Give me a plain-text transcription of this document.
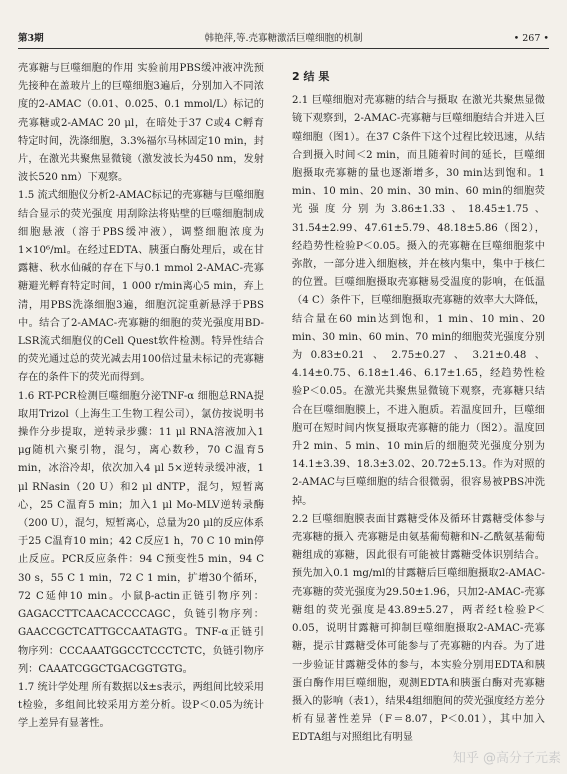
第3期	韩艳萍,等.壳寡糖激活巨噬细胞的机制	• 267 •

壳寡糖与巨噬细胞的作用 实验前用PBS缓冲液冲洗预先接种在盖玻片上的巨噬细胞3遍后，分别加入不同浓度的2-AMAC（0.01、0.025、0.1 mmol/L）标记的壳寡糖或2-AMAC 20 μl，在暗处于37 C或4 C孵育特定时间，洗涤细胞，3.3%福尔马林固定10 min，封片，在激光共聚焦显微镜（激发波长为450 nm，发射波长520 nm）下观察。

1.5 流式细胞仪分析2-AMAC标记的壳寡糖与巨噬细胞结合显示的荧光强度 用刮除法将贴壁的巨噬细胞制成细胞悬液（溶于PBS缓冲液），调整细胞浓度为1×10⁶/ml。在经过EDTA、胰蛋白酶处理后，或在甘露糖、秋水仙碱的存在下与0.1 mmol 2-AMAC-壳寡糖避光孵育特定时间，1 000 r/min离心5 min，弃上清，用PBS洗涤细胞3遍，细胞沉淀重新悬浮于PBS中。结合了2-AMAC-壳寡糖的细胞的荧光强度用BD-LSR流式细胞仪的Cell Quest软件检测。特异性结合的荧光通过总的荧光减去用100倍过量未标记的壳寡糖存在的条件下的荧光而得到。

1.6 RT-PCR检测巨噬细胞分泌TNF-α 细胞总RNA提取用Trizol（上海生工生物工程公司），氯仿按说明书操作分步提取，逆转录步骤：11 μl RNA溶液加入1 μg随机六聚引物，混匀，离心数秒，70 C温育5 min，冰浴冷却，依次加入4 μl 5×逆转录缓冲液，1 μl RNasin（20 U）和2 μl dNTP，混匀，短暂离心，25 C温育5 min；加入1 μl Mo-MLV逆转录酶（200 U），混匀，短暂离心，总量为20 μl的反应体系于25 C温育10 min；42 C反应1 h，70 C 10 min停止反应。PCR反应条件：94 C预变性5 min，94 C 30 s，55 C 1 min，72 C 1 min，扩增30个循环，72 C延伸10 min。小鼠β-actin正链引物序列：GAGACCTTCAACACCCCAGC，负链引物序列：GAACCGCTCATTGCCAATAGTG。TNF-α正链引物序列：CCCAAATGGCCTCCCTCTC，负链引物序列：CAAATCGGCTGACGGTGTG。

1.7 统计学处理 所有数据以x̄±s表示，两组间比较采用t检验，多组间比较采用方差分析。设P＜0.05为统计学上差异有显著性。

2 结 果

2.1 巨噬细胞对壳寡糖的结合与摄取 在激光共聚焦显微镜下观察到，2-AMAC-壳寡糖与巨噬细胞结合并进入巨噬细胞（图1）。在37 C条件下这个过程比较迅速，从结合到摄入时间＜2 min，而且随着时间的延长，巨噬细胞摄取壳寡糖的量也逐渐增多，30 min达到饱和。1 min、10 min、20 min、30 min、60 min的细胞荧光强度分别为3.86±1.33、18.45±1.75、31.54±2.99、47.61±5.79、48.18±5.86（图2），经趋势性检验P＜0.05。摄入的壳寡糖在巨噬细胞浆中弥散，一部分进入细胞核，并在核内集中，集中于核仁的位置。巨噬细胞摄取壳寡糖易受温度的影响，在低温（4 C）条件下，巨噬细胞摄取壳寡糖的效率大大降低，结合量在60 min达到饱和，1 min、10 min、20 min、30 min、60 min、70 min的细胞荧光强度分别为0.83±0.21、2.75±0.27、3.21±0.48、4.14±0.75、6.18±1.46、6.17±1.65，经趋势性检验P＜0.05。在激光共聚焦显微镜下观察，壳寡糖只结合在巨噬细胞膜上，不进入胞质。若温度回升，巨噬细胞可在短时间内恢复摄取壳寡糖的能力（图2）。温度回升2 min、5 min、10 min后的细胞荧光强度分别为14.1±3.39、18.3±3.02、20.72±5.13。作为对照的2-AMAC与巨噬细胞的结合很微弱，很容易被PBS冲洗掉。

2.2 巨噬细胞膜表面甘露糖受体及循环甘露糖受体参与壳寡糖的摄入 壳寡糖是由氨基葡萄糖和N-乙酰氨基葡萄糖组成的寡糖，因此很有可能被甘露糖受体识别结合。预先加入0.1 mg/ml的甘露糖后巨噬细胞摄取2-AMAC-壳寡糖的荧光强度为29.50±1.96，只加2-AMAC-壳寡糖组的荧光强度是43.89±5.27，两者经t检验P＜0.05，说明甘露糖可抑制巨噬细胞摄取2-AMAC-壳寡糖，提示甘露糖受体可能参与了壳寡糖的内吞。为了进一步验证甘露糖受体的参与，本实验分别用EDTA和胰蛋白酶作用巨噬细胞，观测EDTA和胰蛋白酶对壳寡糖摄入的影响（表1），结果4组细胞间的荧光强度经方差分析有显著性差异（F＝8.07，P＜0.01），其中加入EDTA组与对照组比有明显

知乎 @高分子元素
